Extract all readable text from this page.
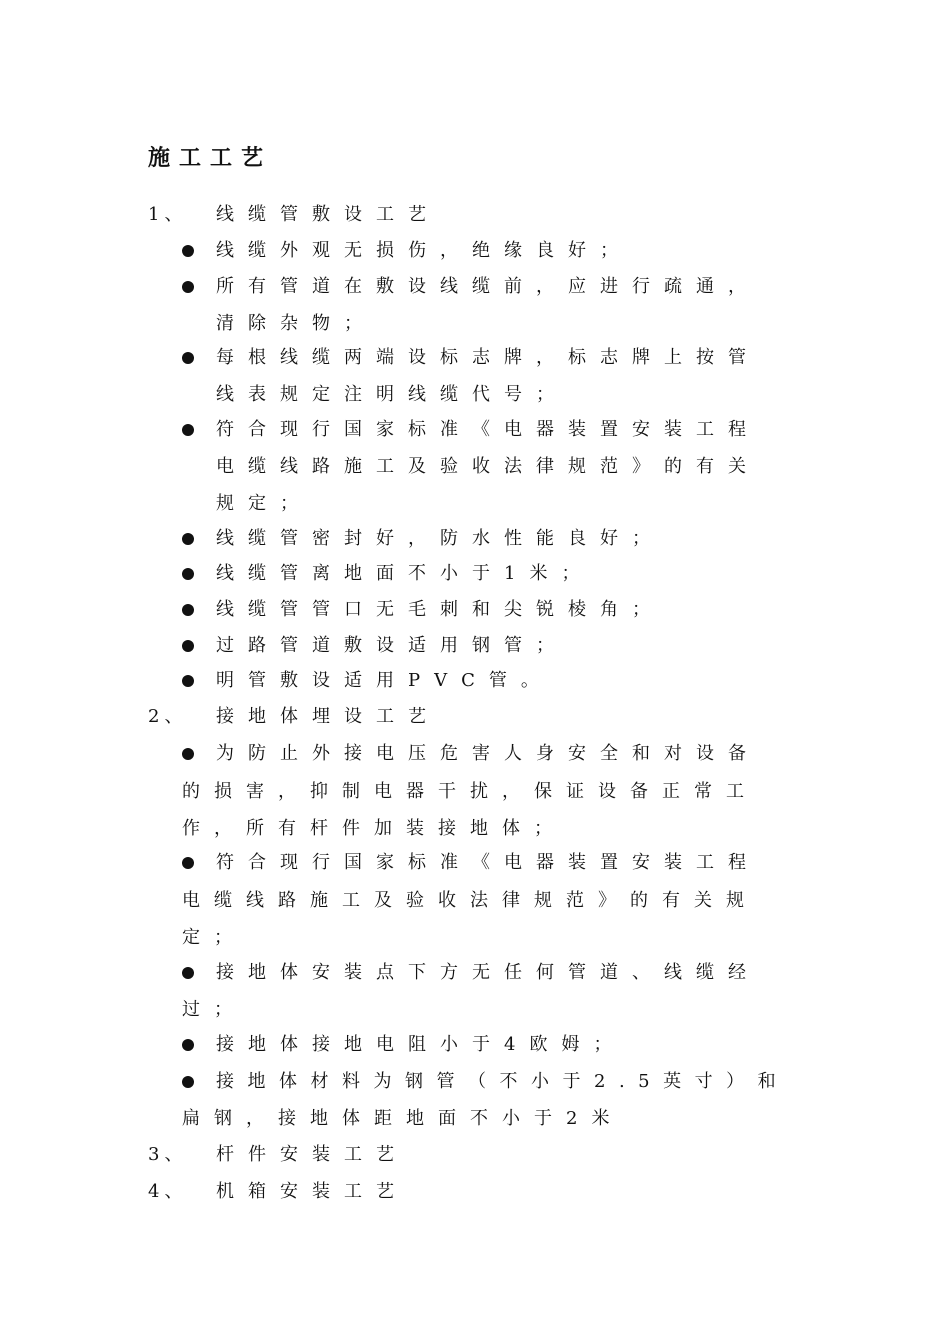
施工工艺
1、 线缆管敷设工艺
线缆外观无损伤，绝缘良好；
所有管道在敷设线缆前，应进行疏通，
清除杂物；
每根线缆两端设标志牌，标志牌上按管
线表规定注明线缆代号；
符合现行国家标准《电器装置安装工程
电缆线路施工及验收法律规范》的有关
规定；
线缆管密封好，防水性能良好；
线缆管离地面不小于1米；
线缆管管口无毛刺和尖锐棱角；
过路管道敷设适用钢管；
明管敷设适用PVC管。
2、 接地体埋设工艺
为防止外接电压危害人身安全和对设备
的损害，抑制电器干扰，保证设备正常工
作，所有杆件加装接地体；
符合现行国家标准《电器装置安装工程
电缆线路施工及验收法律规范》的有关规
定；
接地体安装点下方无任何管道、线缆经
过；
接地体接地电阻小于4欧姆；
接地体材料为钢管（不小于2.5英寸）和
扁钢，接地体距地面不小于2米
3、 杆件安装工艺
4、 机箱安装工艺
